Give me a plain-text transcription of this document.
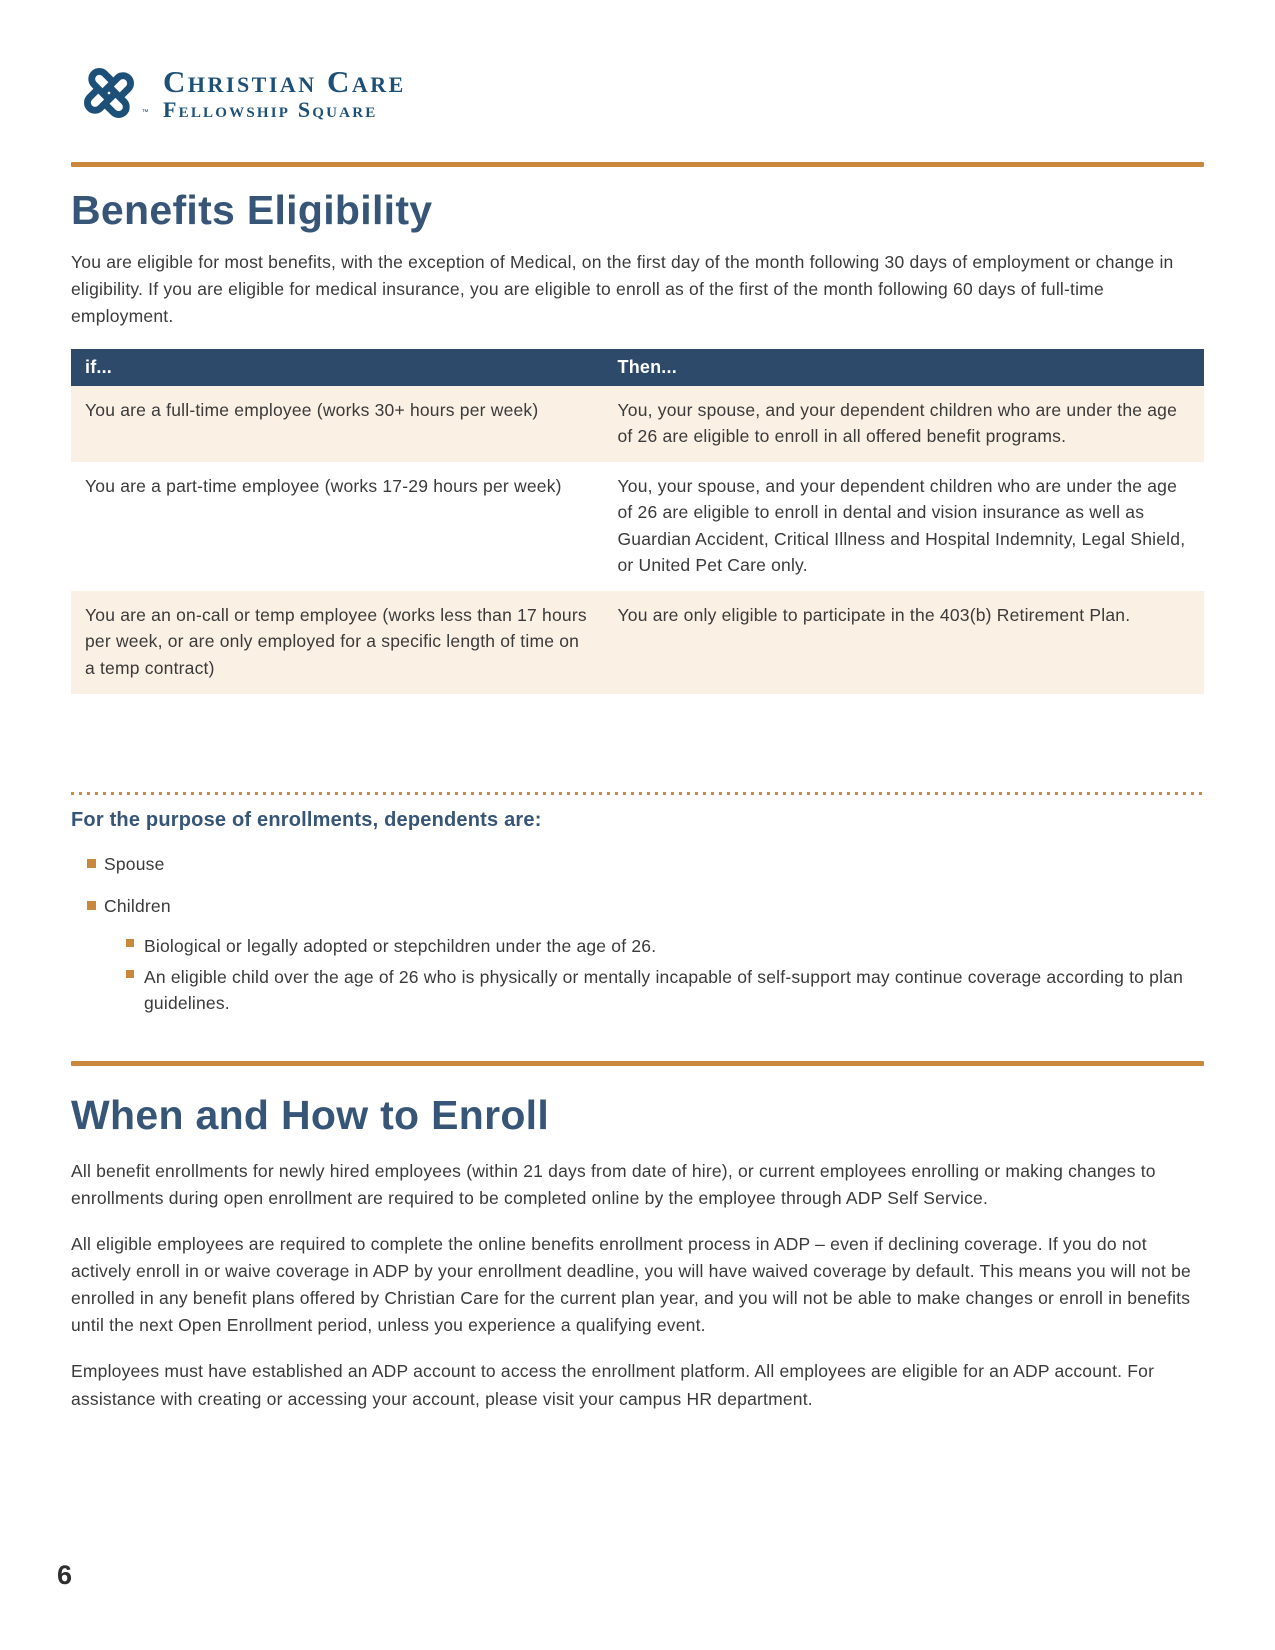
™
Christian Care
Fellowship Square
Benefits Eligibility

You are eligible for most benefits, with the exception of Medical, on the first day of the month following 30 days of employment or change in eligibility. If you are eligible for medical insurance, you are eligible to enroll as of the first of the month following 60 days of full-time employment.

if...	Then...
You are a full-time employee (works 30+ hours per week)	You, your spouse, and your dependent children who are under the age of 26 are eligible to enroll in all offered benefit programs.
You are a part-time employee (works 17-29 hours per week)	You, your spouse, and your dependent children who are under the age of 26 are eligible to enroll in dental and vision insurance as well as Guardian Accident, Critical Illness and Hospital Indemnity, Legal Shield, or United Pet Care only.
You are an on-call or temp employee (works less than 17 hours per week, or are only employed for a specific length of time on a temp contract)	You are only eligible to participate in the 403(b) Retirement Plan.
For the purpose of enrollments, dependents are:
Spouse
Children
Biological or legally adopted or stepchildren under the age of 26.
An eligible child over the age of 26 who is physically or mentally incapable of self-support may continue coverage according to plan guidelines.
When and How to Enroll

All benefit enrollments for newly hired employees (within 21 days from date of hire), or current employees enrolling or making changes to enrollments during open enrollment are required to be completed online by the employee through ADP Self Service.

All eligible employees are required to complete the online benefits enrollment process in ADP – even if declining coverage. If you do not actively enroll in or waive coverage in ADP by your enrollment deadline, you will have waived coverage by default. This means you will not be enrolled in any benefit plans offered by Christian Care for the current plan year, and you will not be able to make changes or enroll in benefits until the next Open Enrollment period, unless you experience a qualifying event.

Employees must have established an ADP account to access the enrollment platform. All employees are eligible for an ADP account. For assistance with creating or accessing your account, please visit your campus HR department.

6
